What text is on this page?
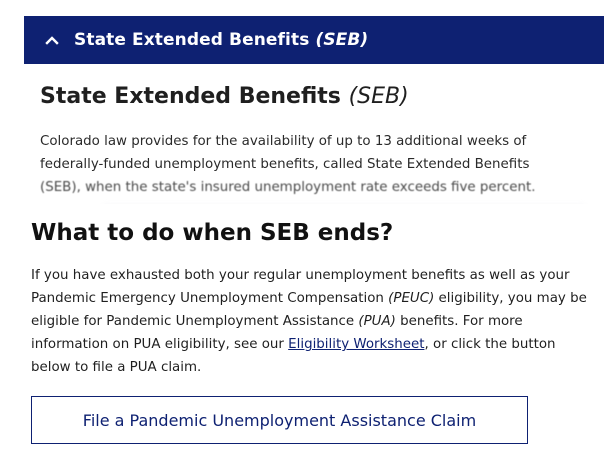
State Extended Benefits (SEB)
State Extended Benefits (SEB)

Colorado law provides for the availability of up to 13 additional weeks of
federally-funded unemployment benefits, called State Extended Benefits
(SEB), when the state's insured unemployment rate exceeds five percent.

What to do when SEB ends?

If you have exhausted both your regular unemployment benefits as well as your Pandemic Emergency Unemployment Compensation (PEUC) eligibility, you may be eligible for Pandemic Unemployment Assistance (PUA) benefits. For more information on PUA eligibility, see our Eligibility Worksheet, or click the button below to file a PUA claim.

File a Pandemic Unemployment Assistance Claim
